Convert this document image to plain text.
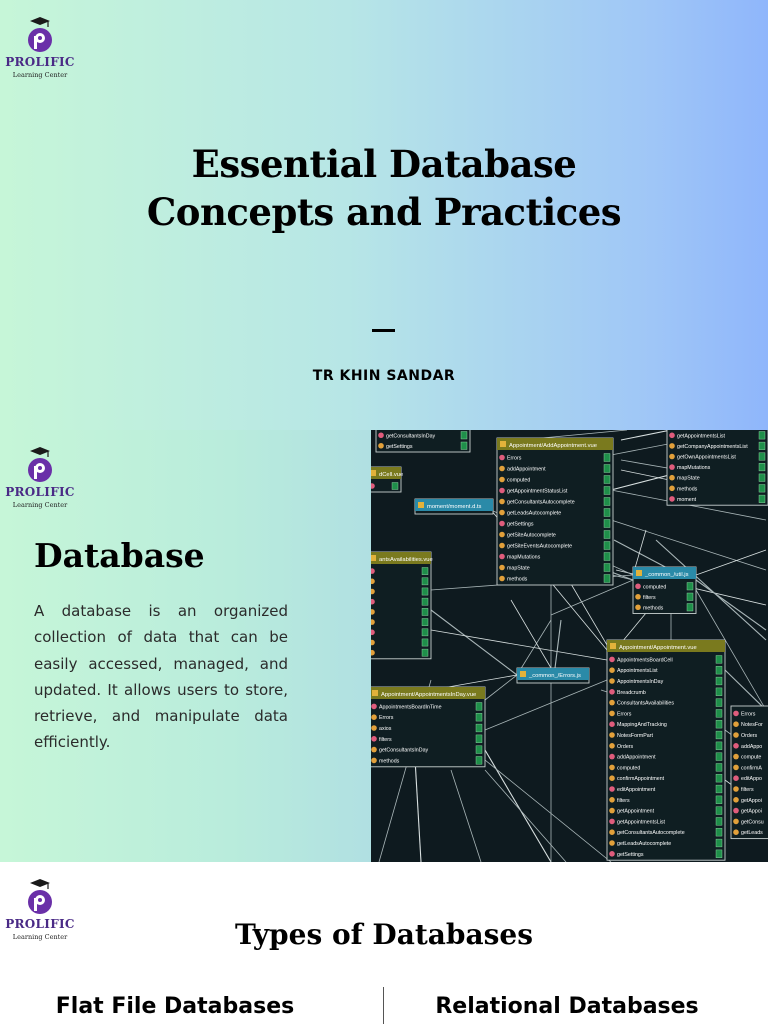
PROLIFIC
Learning Center
Essential Database
Concepts and Practices
TR KHIN SANDAR
PROLIFIC
Learning Center
Database

A database is an organized collection of data that can be easily accessed, managed, and updated. It allows users to store, retrieve, and manipulate data efficiently.

getConsultantsInDay
getSettings	Appointment/AddAppointment.vue
Errors
addAppointment
computed
getAppointmentStatusList
getConsultantsAutocomplete
getLeadsAutocomplete
getSettings
getSiteAutocomplete
getSiteEventsAutocomplete
mapMutations
mapState
methods
getAppointmentsList
getCompanyAppointmentsList
getOwnAppointmentsList
mapMutations
mapState
methods
moment
dCell.vue
moment/moment.d.ts
antsAvailabilities.vue
_common_/util.js
computed
filters
methods
_common_/Errors.js
Appointment/AppointmentsInDay.vue
AppointmentsBoardInTime
Errors
axios
filters
getConsultantsInDay
methods
Appointment/Appointment.vue
AppointmentsBoardCell
AppointmentsList
AppointmentsInDay
Breadcrumb
ConsultantsAvailabilities
Errors
MappingAndTracking
NotesFormPart
Orders
addAppointment
computed
confirmAppointment
editAppointment
filters
getAppointment
getAppointmentsList
getConsultantsAutocomplete
getLeadsAutocomplete
getSettings
Errors
NotesFor
Orders
addAppo
compute
confirmA
editAppo
filters
getAppoi
getAppoi
getConsu
getLeads
PROLIFIC
Learning Center	Types of Databases
Flat File Databases	Relational Databases
